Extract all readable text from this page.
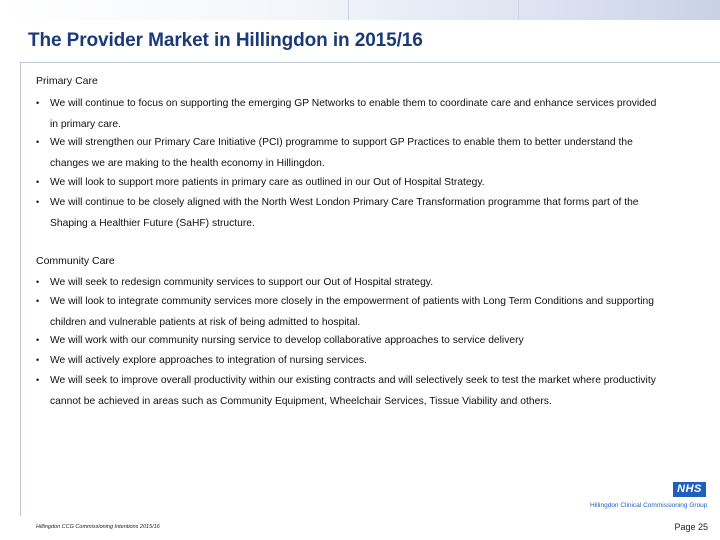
The Provider Market in Hillingdon in 2015/16
Primary Care
•	We will continue to focus on supporting the emerging GP Networks to enable them to coordinate care and enhance services provided
in primary care.
•	We will strengthen our Primary Care Initiative (PCI) programme to support GP Practices to enable them to better understand the
changes we are making to the health economy in Hillingdon.
•	We will look to support more patients in primary care as outlined in our Out of Hospital Strategy.
•	We will continue to be closely aligned with the North West London Primary Care Transformation programme that forms part of the
Shaping a Healthier Future (SaHF) structure.
Community Care
•	We will seek to redesign community services to support our Out of Hospital strategy.
•	We will look to integrate community services more closely in the empowerment of patients with Long Term Conditions and supporting
children and vulnerable patients at risk of being admitted to hospital.
•	We will work with our community nursing service to develop collaborative approaches to service delivery
•	We will actively explore approaches to integration of nursing services.
•	We will seek to improve overall productivity within our existing contracts and will selectively seek to test the market where productivity
cannot be achieved in areas such as Community Equipment, Wheelchair Services, Tissue Viability and others.
NHS
Hillingdon Clinical Commissioning Group
Hillingdon CCG Commissioning Intentions 2015/16	Page 25
